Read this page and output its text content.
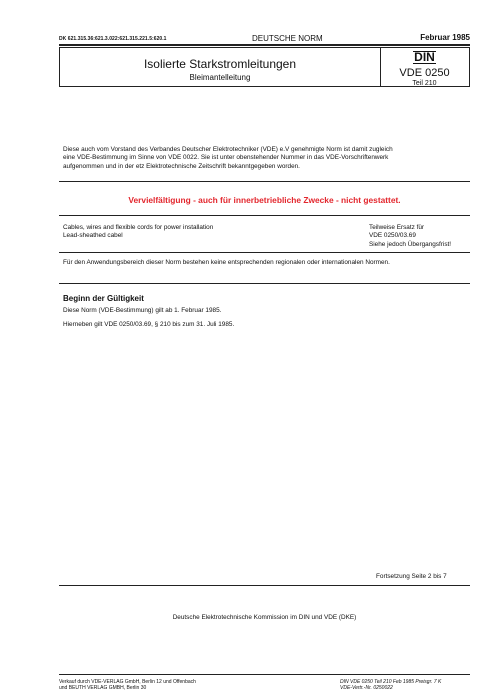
DK 621.315.36:621.3.022:621.315.221.5:620.1	DEUTSCHE NORM	Februar 1985
Isolierte Starkstromleitungen
Bleimantelleitung
DIN
VDE 0250
Teil 210
Diese auch vom Vorstand des Verbandes Deutscher Elektrotechniker (VDE) e.V genehmigte Norm ist damit zugleich
eine VDE-Bestimmung im Sinne von VDE 0022. Sie ist unter obenstehender Nummer in das VDE-Vorschriftenwerk
aufgenommen und in der etz Elektrotechnische Zeitschrift bekanntgegeben worden.
Vervielfältigung - auch für innerbetriebliche Zwecke - nicht gestattet.
Cables, wires and flexible cords for power installation
Lead-sheathed cabel
Teilweise Ersatz für
VDE 0250/03.69
Siehe jedoch Übergangsfrist!
Für den Anwendungsbereich dieser Norm bestehen keine entsprechenden regionalen oder internationalen Normen.
Beginn der Gültigkeit
Diese Norm (VDE-Bestimmung) gilt ab 1. Februar 1985.
Hierneben gilt VDE 0250/03.69, § 210 bis zum 31. Juli 1985.
Fortsetzung Seite 2 bis 7
Deutsche Elektrotechnische Kommission im DIN und VDE (DKE)
Verkauf durch VDE-VERLAG GmbH, Berlin 12 und Offenbach
und BEUTH VERLAG GMBH, Berlin 30
DIN VDE 0250 Teil 210 Feb 1985 Preisgr. 7 K
VDE-Vertr.-Nr. 0250022
